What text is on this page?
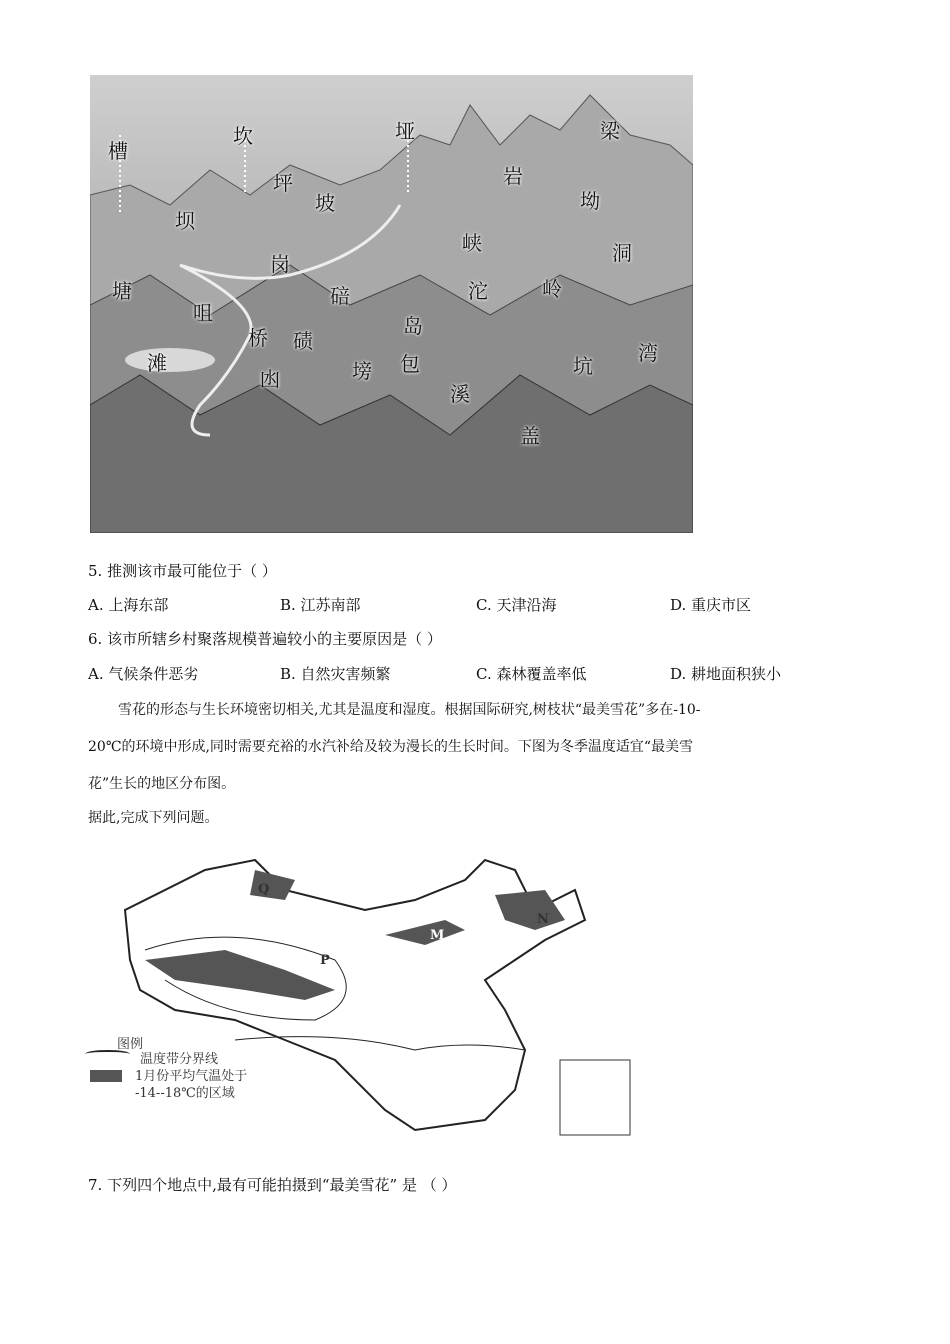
槽
坎	垭	梁
坪
坡
岩
坳
坝
峡	洞
岗
塘	碚	沱	岭
咀
岛
桥 碛	湾
滩	坑
凼	塝 包
溪
盖
5. 推测该市最可能位于（ ）
A. 上海东部	B. 江苏南部	C. 天津沿海	D. 重庆市区
6. 该市所辖乡村聚落规模普遍较小的主要原因是（ ）
A. 气候条件恶劣	B. 自然灾害频繁	C. 森林覆盖率低	D. 耕地面积狭小
雪花的形态与生长环境密切相关,尤其是温度和湿度。根据国际研究,树枝状“最美雪花”多在-10-
20℃的环境中形成,同时需要充裕的水汽补给及较为漫长的生长时间。下图为冬季温度适宜“最美雪
花”生长的地区分布图。
据此,完成下列问题。
Q
M
N
P
图例
温度带分界线
1月份平均气温处于
-14--18℃的区域
7. 下列四个地点中,最有可能拍摄到“最美雪花” 是 （ ）
